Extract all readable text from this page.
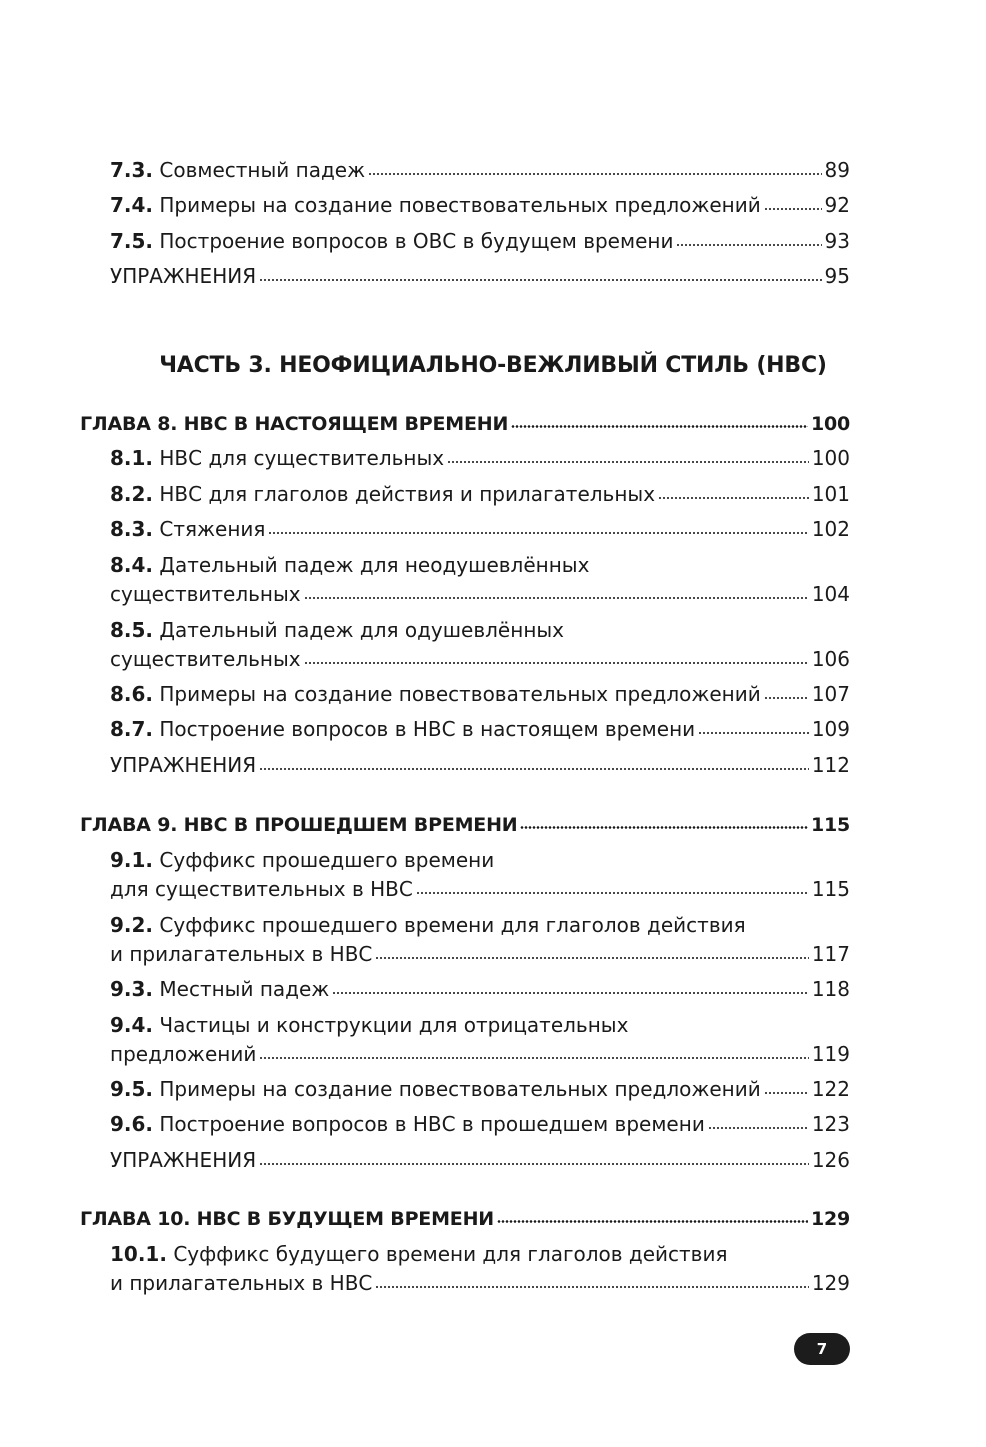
7.3. Совместный падеж	89
7.4. Примеры на создание повествовательных предложений	92
7.5. Построение вопросов в ОВС в будущем времени	93
УПРАЖНЕНИЯ	95
ЧАСТЬ 3. НЕОФИЦИАЛЬНО-ВЕЖЛИВЫЙ СТИЛЬ (НВС)
ГЛАВА 8. НВС В НАСТОЯЩЕМ ВРЕМЕНИ	100
8.1. НВС для существительных	100
8.2. НВС для глаголов действия и прилагательных	101
8.3. Стяжения	102
8.4. Дательный падеж для неодушевлённых
существительных	104
8.5. Дательный падеж для одушевлённых
существительных	106
8.6. Примеры на создание повествовательных предложений	107
8.7. Построение вопросов в НВС в настоящем времени	109
УПРАЖНЕНИЯ	112
ГЛАВА 9. НВС В ПРОШЕДШЕМ ВРЕМЕНИ	115
9.1. Суффикс прошедшего времени
для существительных в НВС	115
9.2. Суффикс прошедшего времени для глаголов действия
и прилагательных в НВС	117
9.3. Местный падеж	118
9.4. Частицы и конструкции для отрицательных
предложений	119
9.5. Примеры на создание повествовательных предложений	122
9.6. Построение вопросов в НВС в прошедшем времени	123
УПРАЖНЕНИЯ	126
ГЛАВА 10. НВС В БУДУЩЕМ ВРЕМЕНИ	129
10.1. Суффикс будущего времени для глаголов действия
и прилагательных в НВС	129
7
